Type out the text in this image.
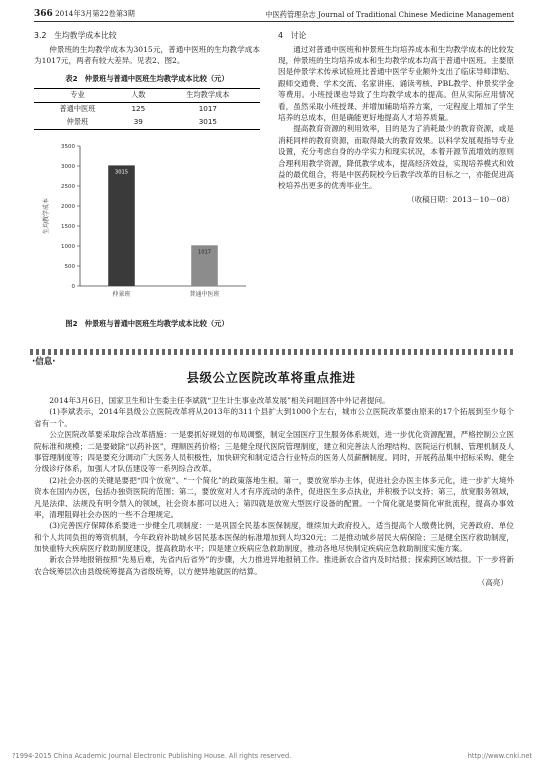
366 2014年3月第22卷第3期	中医药管理杂志 Journal of Traditional Chinese Medicine Management
3.2　生均教学成本比较

仲景班的生均教学成本为3015元，普通中医班的生均教学成本为1017元，两者有较大差异。见表2、图2。

表2　仲景班与普通中医班生均教学成本比较（元）
专业	人数	生均教学成本
普通中医班	125	1017
仲景班	39	3015
0
500
1000
1500
2000
2500
3000
3500
生均教学成本
3015
仲景班
1017
普通中医班
图2　仲景班与普通中医班生均教学成本比较（元）
4　讨论

通过对普通中医班和仲景班生均培养成本和生均教学成本的比较发现，仲景班的生均培养成本和生均教学成本均高于普通中医班。主要原因是仲景学术传承试验班比普通中医学专业额外支出了临床导师津贴、跟师交通费、学术交流、名家讲座、诵读考核、PBL教学、仲景奖学金等费用。小班授课也导致了生均教学成本的提高。但从实际应用情况看，虽然采取小班授课、并增加辅助培养方案，一定程度上增加了学生培养的总成本，但是确能更好地提高人才培养质量。

提高教育资源的利用效率，目的是为了消耗最少的教育资源，或是消耗同样的教育资源，而取得最大的教育效果。以科学发展观指导专业设置，充分考虑自身的办学实力和现实状况，本着开源节流增效的原则合理利用教学资源，降低教学成本，提高经济效益，实现培养模式和效益的最优组合，将是中医药院校今后教学改革的目标之一，亦能促进高校培养出更多的优秀毕业生。

（收稿日期：2013－10－08）
·信息·
县级公立医院改革将重点推进

2014年3月6日，国家卫生和计生委主任李斌就“卫生计生事业改革发展”相关问题回答中外记者提问。

(1)李斌表示，2014年县级公立医院改革将从2013年的311个县扩大到1000个左右，城市公立医院改革要由原来的17个拓展到至少每个省有一个。

公立医院改革要采取综合改革措施：一是要抓好规划的布局调整，制定全国医疗卫生服务体系规划，进一步优化资源配置，严格控制公立医院标准和规模；二是要破除“以药补医”，理顺医药价格；三是健全现代医院管理制度，建立和完善法人治理结构、医院运行机制、管理机制及人事管理制度等；四是要充分调动广大医务人员积极性，加快研究和制定适合行业特点的医务人员薪酬制度。同时，开展药品集中招标采购、健全分级诊疗体系，加强人才队伍建设等一系列综合改革。

(2)社会办医的关键是要把“四个放宽”、“一个简化”的政策落地生根。第一，要放宽举办主体，促进社会办医主体多元化，进一步扩大境外资本在国内办医，包括办独资医院的范围；第二，要放宽对人才有序流动的条件，促进医生多点执业，并积极予以支持；第三，放宽服务领域，凡是法律、法规没有明令禁入的领域，社会资本都可以进入；第四就是放宽大型医疗设备的配置。一个简化就是要简化审批流程，提高办事效率，清理阻碍社会办医的一些不合理规定。

(3)完善医疗保障体系要进一步健全几项制度：一是巩固全民基本医保制度，继续加大政府投入，适当提高个人缴费比例，完善政府、单位和个人共同负担的筹资机制，今年政府补助城乡居民基本医保的标准增加到人均320元；二是推动城乡居民大病保险；三是健全医疗救助制度，加快重特大疾病医疗救助制度建设，提高救助水平；四是建立疾病应急救助制度，推动各地尽快制定疾病应急救助制度实施方案。

新农合异地报销按照“先易后难，先省内后省外”的步骤，大力推进异地报销工作。推进新农合省内及时结报；探索跨区域结报。下一步将新农合统筹层次由县级统筹提高为省级统筹，以方便异地就医的结算。

（高亮）
?1994-2015 China Academic Journal Electronic Publishing House. All rights reserved.	http://www.cnki.net
